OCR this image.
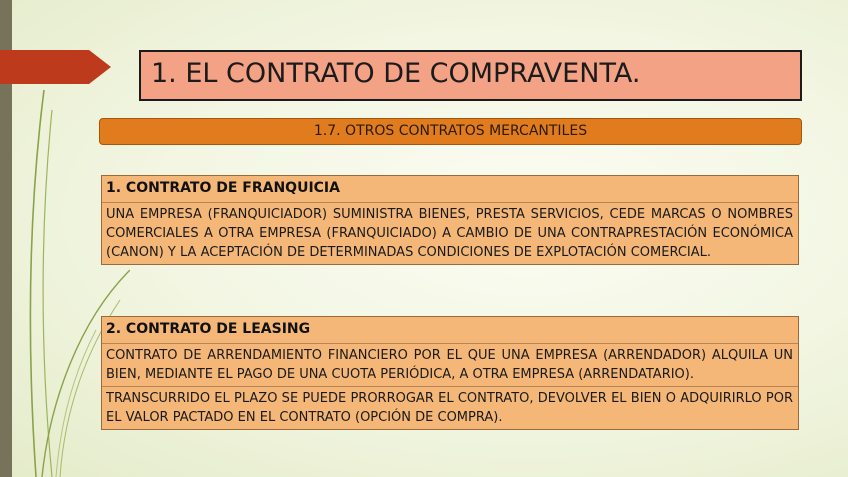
1. EL CONTRATO DE COMPRAVENTA.
1.7. OTROS CONTRATOS MERCANTILES
1. CONTRATO DE FRANQUICIA
UNA EMPRESA (FRANQUICIADOR) SUMINISTRA BIENES, PRESTA SERVICIOS, CEDE MARCAS O NOMBRES COMERCIALES A OTRA EMPRESA (FRANQUICIADO) A CAMBIO DE UNA CONTRAPRESTACIÓN ECONÓMICA (CANON) Y LA ACEPTACIÓN DE DETERMINADAS CONDICIONES DE EXPLOTACIÓN COMERCIAL.
2. CONTRATO DE LEASING
CONTRATO DE ARRENDAMIENTO FINANCIERO POR EL QUE UNA EMPRESA (ARRENDADOR) ALQUILA UN BIEN, MEDIANTE EL PAGO DE UNA CUOTA PERIÓDICA, A OTRA EMPRESA (ARRENDATARIO).
TRANSCURRIDO EL PLAZO SE PUEDE PRORROGAR EL CONTRATO, DEVOLVER EL BIEN O ADQUIRIRLO POR EL VALOR PACTADO EN EL CONTRATO (OPCIÓN DE COMPRA).
